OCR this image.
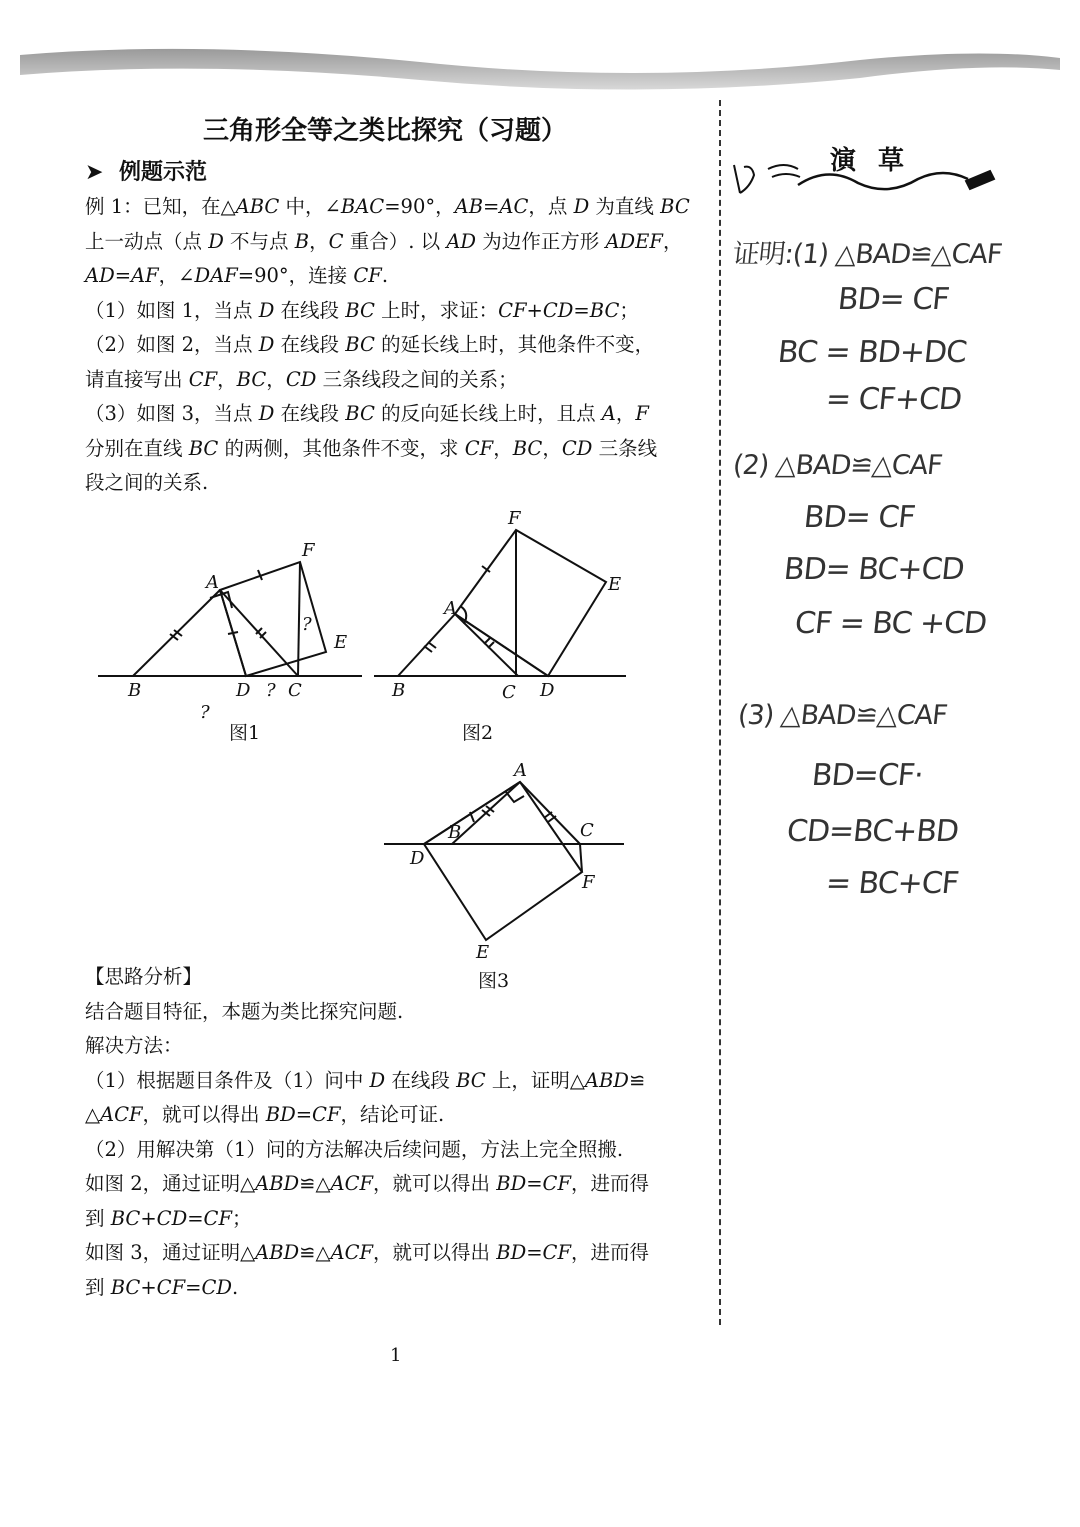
三角形全等之类比探究（习题）
➤ 例题示范

例 1：已知，在△ABC 中，∠BAC=90°，AB=AC，点 D 为直线 BC

上一动点（点 D 不与点 B，C 重合）. 以 AD 为边作正方形 ADEF，

AD=AF，∠DAF=90°，连接 CF.

（1）如图 1，当点 D 在线段 BC 上时，求证：CF+CD=BC；

（2）如图 2，当点 D 在线段 BC 的延长线上时，其他条件不变，

请直接写出 CF，BC，CD 三条线段之间的关系；

（3）如图 3，当点 D 在线段 BC 的反向延长线上时，且点 A，F

分别在直线 BC 的两侧，其他条件不变，求 CF，BC，CD 三条线

段之间的关系.

A
B	C
D
E
F
?
?
?
A
B	C D
E
F
A
B	C
D
E
F
图1	图2
图3

【思路分析】

结合题目特征，本题为类比探究问题.

解决方法：

（1）根据题目条件及（1）问中 D 在线段 BC 上，证明△ABD≌

△ACF，就可以得出 BD=CF，结论可证.

（2）用解决第（1）问的方法解决后续问题，方法上完全照搬.

如图 2，通过证明△ABD≌△ACF，就可以得出 BD=CF，进而得

到 BC+CD=CF；

如图 3，通过证明△ABD≌△ACF，就可以得出 BD=CF，进而得

到 BC+CF=CD.

演草
证明:(1) △BAD≌△CAF
BD= CF
BC = BD+DC
= CF+CD
(2) △BAD≌△CAF
BD= CF
BD= BC+CD
CF = BC +CD
(3) △BAD≌△CAF
BD=CF·
CD=BC+BD
= BC+CF
1
